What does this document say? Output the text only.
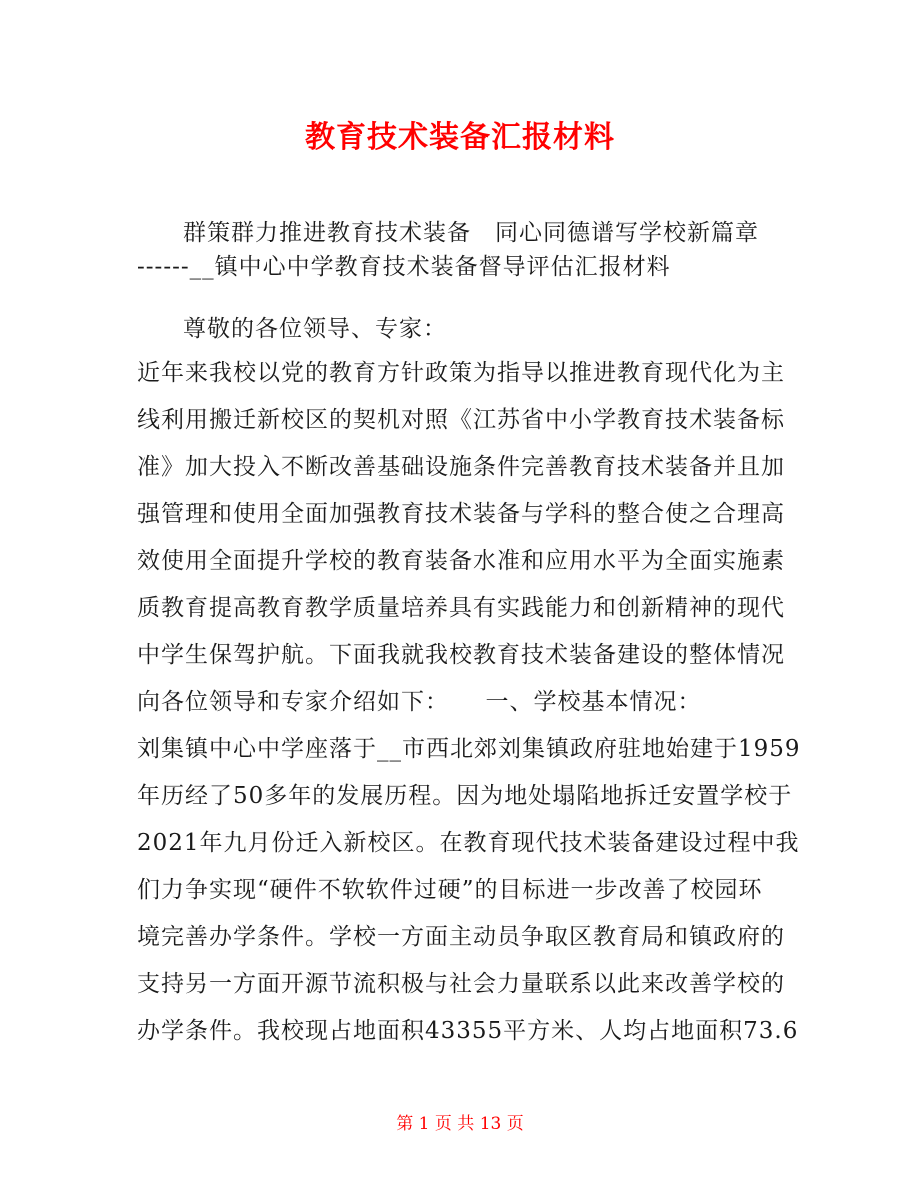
教育技术装备汇报材料
群策群力推进教育技术装备　同心同德谱写学校新篇章
------__镇中心中学教育技术装备督导评估汇报材料
尊敬的各位领导、专家：
近年来我校以党的教育方针政策为指导以推进教育现代化为主
线利用搬迁新校区的契机对照《江苏省中小学教育技术装备标
准》加大投入不断改善基础设施条件完善教育技术装备并且加
强管理和使用全面加强教育技术装备与学科的整合使之合理高
效使用全面提升学校的教育装备水准和应用水平为全面实施素
质教育提高教育教学质量培养具有实践能力和创新精神的现代
中学生保驾护航。下面我就我校教育技术装备建设的整体情况
向各位领导和专家介绍如下：　　一、学校基本情况：
刘集镇中心中学座落于__市西北郊刘集镇政府驻地始建于1959
年历经了50多年的发展历程。因为地处塌陷地拆迁安置学校于
2021年九月份迁入新校区。在教育现代技术装备建设过程中我
们力争实现“硬件不软软件过硬”的目标进一步改善了校园环
境完善办学条件。学校一方面主动员争取区教育局和镇政府的
支持另一方面开源节流积极与社会力量联系以此来改善学校的
办学条件。我校现占地面积43355平方米、人均占地面积73.6
第 1 页 共 13 页
